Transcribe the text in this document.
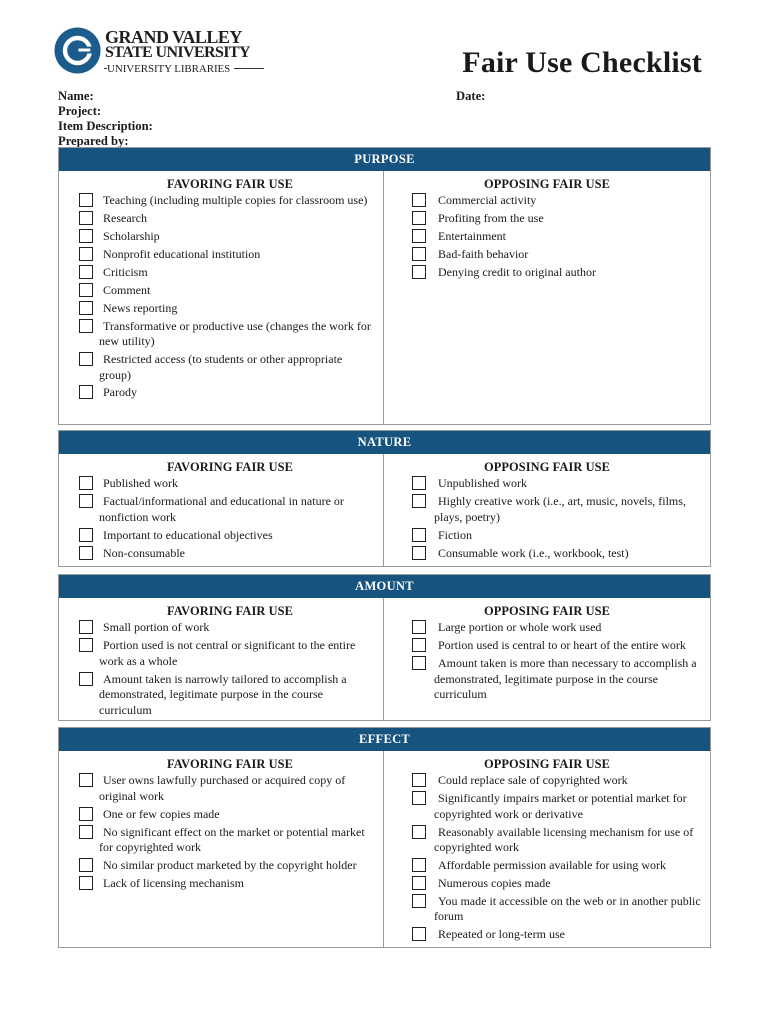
GRAND VALLEY
STATE UNIVERSITY
UNIVERSITY LIBRARIES	Fair Use Checklist
Name:
Project:
Item Description:
Prepared by:
Date:
PURPOSE
FAVORING FAIR USE
Teaching (including multiple copies for classroom use)
Research
Scholarship
Nonprofit educational institution
Criticism
Comment
News reporting
Transformative or productive use (changes the work for new utility)
Restricted access (to students or other appropriate group)
Parody
OPPOSING FAIR USE
Commercial activity
Profiting from the use
Entertainment
Bad-faith behavior
Denying credit to original author
NATURE
FAVORING FAIR USE
Published work
Factual/informational and educational in nature or nonfiction work
Important to educational objectives
Non-consumable
OPPOSING FAIR USE
Unpublished work
Highly creative work (i.e., art, music, novels, films, plays, poetry)
Fiction
Consumable work (i.e., workbook, test)
AMOUNT
FAVORING FAIR USE
Small portion of work
Portion used is not central or significant to the entire work as a whole
Amount taken is narrowly tailored to accomplish a demonstrated, legitimate purpose in the course curriculum
OPPOSING FAIR USE
Large portion or whole work used
Portion used is central to or heart of the entire work
Amount taken is more than necessary to accomplish a demonstrated, legitimate purpose in the course curriculum
EFFECT
FAVORING FAIR USE
User owns lawfully purchased or acquired copy of original work
One or few copies made
No significant effect on the market or potential market for copyrighted work
No similar product marketed by the copyright holder
Lack of licensing mechanism
OPPOSING FAIR USE
Could replace sale of copyrighted work
Significantly impairs market or potential market for copyrighted work or derivative
Reasonably available licensing mechanism for use of copyrighted work
Affordable permission available for using work
Numerous copies made
You made it accessible on the web or in another public forum
Repeated or long-term use
